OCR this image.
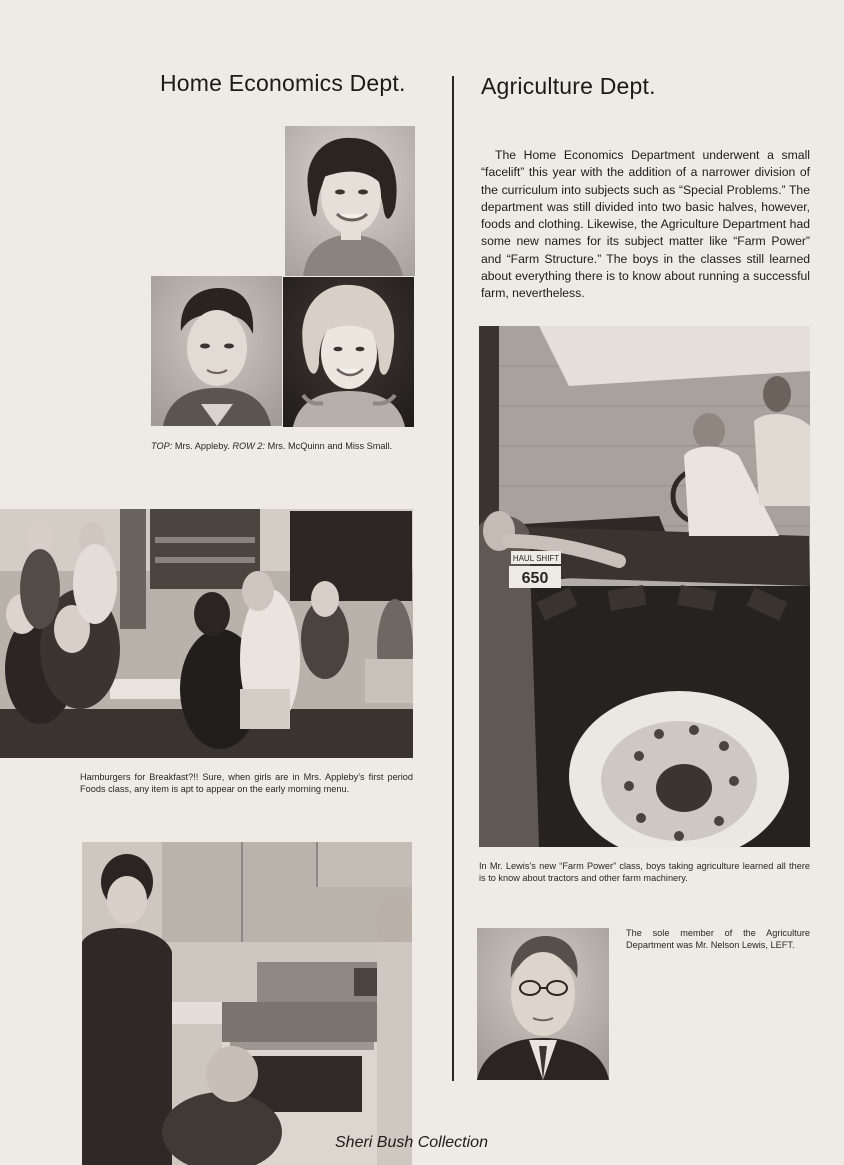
Home Economics Dept.	Agriculture Dept.
The Home Economics Department underwent a small “facelift” this year with the addition of a narrower division of the curriculum into subjects such as “Special Problems.” The department was still divided into two basic halves, however, foods and clothing. Likewise, the Agriculture Department had some new names for its subject matter like “Farm Power” and “Farm Structure.” The boys in the classes still learned about everything there is to know about running a successful farm, nevertheless.
TOP: Mrs. Appleby. ROW 2: Mrs. McQuinn and Miss Small.
Hamburgers for Breakfast?!! Sure, when girls are in Mrs. Appleby’s first period Foods class, any item is apt to appear on the early morning menu.
HAUL SHIFT
650
In Mr. Lewis’s new “Farm Power” class, boys taking agriculture learned all there is to know about tractors and other farm machinery.
The sole member of the Agriculture Department was Mr. Nelson Lewis, LEFT.
Sheri Bush Collection
